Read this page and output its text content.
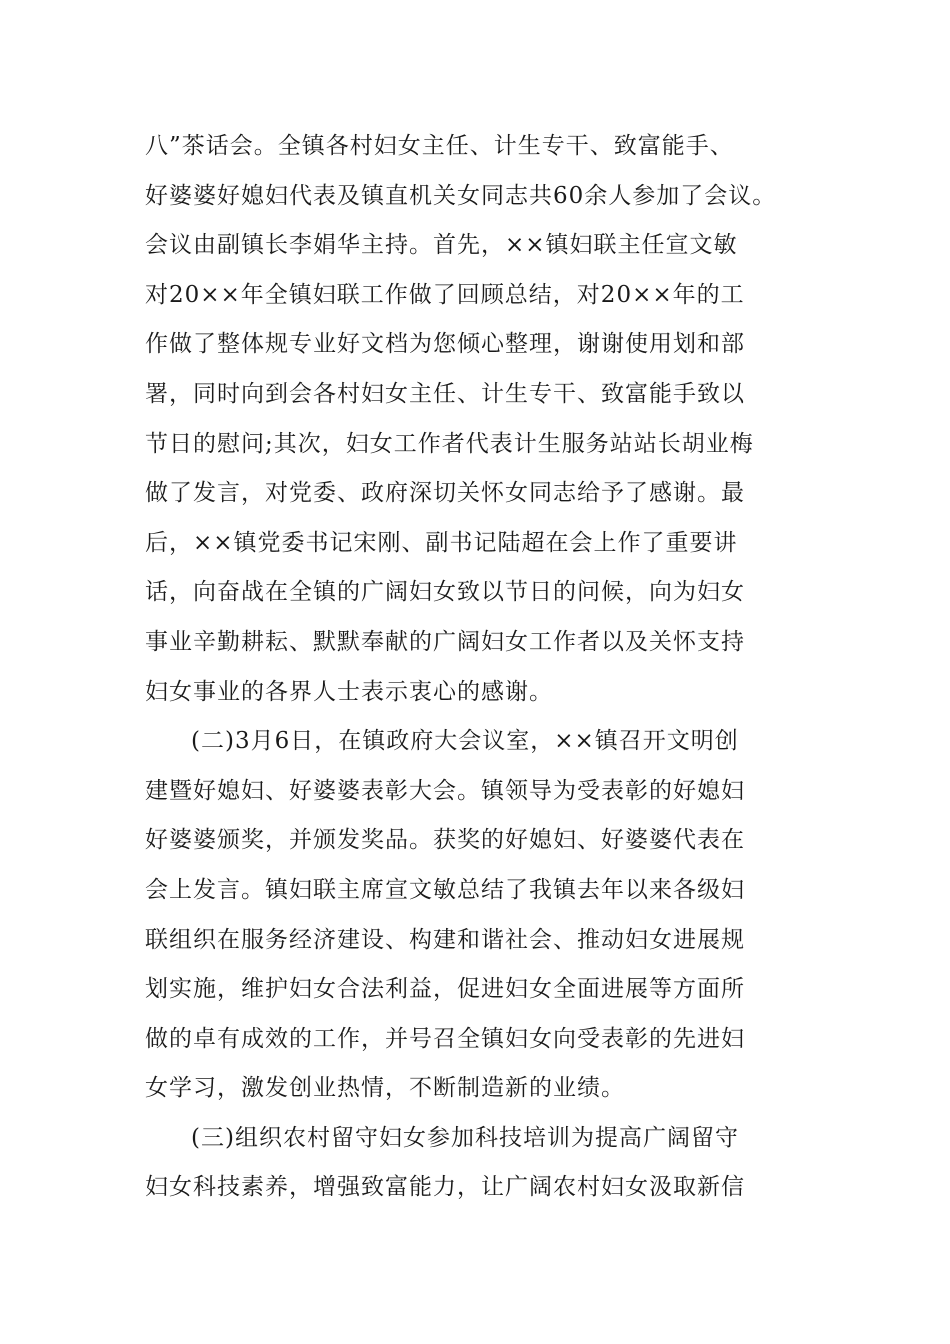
八”茶话会。全镇各村妇女主任、计生专干、致富能手、
好婆婆好媳妇代表及镇直机关女同志共60余人参加了会议。
会议由副镇长李娟华主持。首先，××镇妇联主任宣文敏
对20××年全镇妇联工作做了回顾总结，对20××年的工
作做了整体规专业好文档为您倾心整理，谢谢使用划和部
署，同时向到会各村妇女主任、计生专干、致富能手致以
节日的慰问;其次，妇女工作者代表计生服务站站长胡业梅
做了发言，对党委、政府深切关怀女同志给予了感谢。最
后，××镇党委书记宋刚、副书记陆超在会上作了重要讲
话，向奋战在全镇的广阔妇女致以节日的问候，向为妇女
事业辛勤耕耘、默默奉献的广阔妇女工作者以及关怀支持
妇女事业的各界人士表示衷心的感谢。
(二)3月6日，在镇政府大会议室，××镇召开文明创
建暨好媳妇、好婆婆表彰大会。镇领导为受表彰的好媳妇
好婆婆颁奖，并颁发奖品。获奖的好媳妇、好婆婆代表在
会上发言。镇妇联主席宣文敏总结了我镇去年以来各级妇
联组织在服务经济建设、构建和谐社会、推动妇女进展规
划实施，维护妇女合法利益，促进妇女全面进展等方面所
做的卓有成效的工作，并号召全镇妇女向受表彰的先进妇
女学习，激发创业热情，不断制造新的业绩。
(三)组织农村留守妇女参加科技培训为提高广阔留守
妇女科技素养，增强致富能力，让广阔农村妇女汲取新信
